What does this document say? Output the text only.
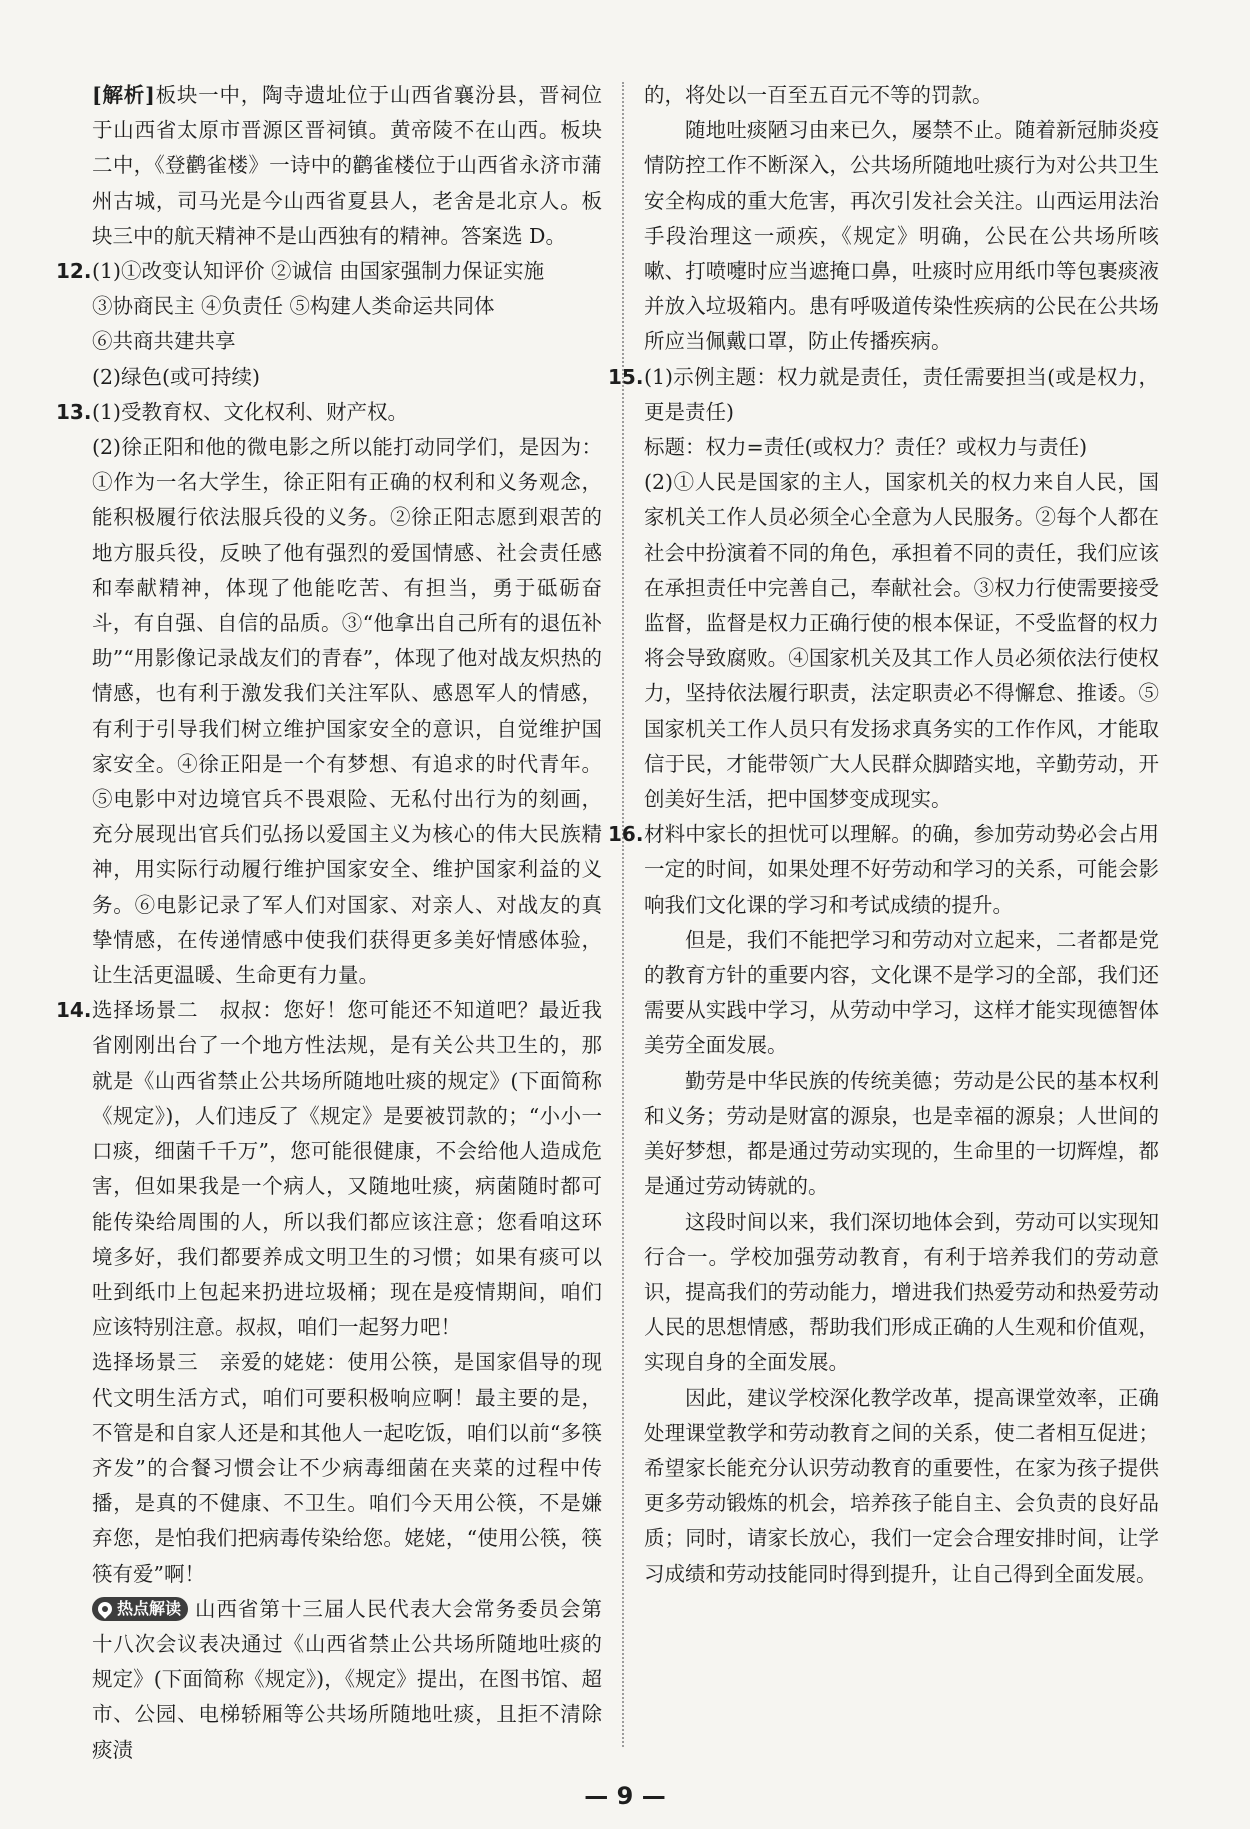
[解析]板块一中，陶寺遗址位于山西省襄汾县，晋祠位于山西省太原市晋源区晋祠镇。黄帝陵不在山西。板块二中，《登鹳雀楼》一诗中的鹳雀楼位于山西省永济市蒲州古城，司马光是今山西省夏县人，老舍是北京人。板块三中的航天精神不是山西独有的精神。答案选 D。

12. (1)①改变认知评价 ②诚信 由国家强制力保证实施

③协商民主 ④负责任 ⑤构建人类命运共同体

⑥共商共建共享

(2)绿色(或可持续)

13. (1)受教育权、文化权利、财产权。

(2)徐正阳和他的微电影之所以能打动同学们，是因为：①作为一名大学生，徐正阳有正确的权利和义务观念，能积极履行依法服兵役的义务。②徐正阳志愿到艰苦的地方服兵役，反映了他有强烈的爱国情感、社会责任感和奉献精神，体现了他能吃苦、有担当，勇于砥砺奋斗，有自强、自信的品质。③“他拿出自己所有的退伍补助”“用影像记录战友们的青春”，体现了他对战友炽热的情感，也有利于激发我们关注军队、感恩军人的情感，有利于引导我们树立维护国家安全的意识，自觉维护国家安全。④徐正阳是一个有梦想、有追求的时代青年。⑤电影中对边境官兵不畏艰险、无私付出行为的刻画，充分展现出官兵们弘扬以爱国主义为核心的伟大民族精神，用实际行动履行维护国家安全、维护国家利益的义务。⑥电影记录了军人们对国家、对亲人、对战友的真挚情感，在传递情感中使我们获得更多美好情感体验，让生活更温暖、生命更有力量。

14. 选择场景二　叔叔：您好！您可能还不知道吧？最近我省刚刚出台了一个地方性法规，是有关公共卫生的，那就是《山西省禁止公共场所随地吐痰的规定》(下面简称《规定》)，人们违反了《规定》是要被罚款的；“小小一口痰，细菌千千万”，您可能很健康，不会给他人造成危害，但如果我是一个病人，又随地吐痰，病菌随时都可能传染给周围的人，所以我们都应该注意；您看咱这环境多好，我们都要养成文明卫生的习惯；如果有痰可以吐到纸巾上包起来扔进垃圾桶；现在是疫情期间，咱们应该特别注意。叔叔，咱们一起努力吧！

选择场景三　亲爱的姥姥：使用公筷，是国家倡导的现代文明生活方式，咱们可要积极响应啊！最主要的是，不管是和自家人还是和其他人一起吃饭，咱们以前“多筷齐发”的合餐习惯会让不少病毒细菌在夹菜的过程中传播，是真的不健康、不卫生。咱们今天用公筷，不是嫌弃您，是怕我们把病毒传染给您。姥姥，“使用公筷，筷筷有爱”啊！

热点解读 山西省第十三届人民代表大会常务委员会第十八次会议表决通过《山西省禁止公共场所随地吐痰的规定》(下面简称《规定》)，《规定》提出，在图书馆、超市、公园、电梯轿厢等公共场所随地吐痰，且拒不清除痰渍

的，将处以一百至五百元不等的罚款。

随地吐痰陋习由来已久，屡禁不止。随着新冠肺炎疫情防控工作不断深入，公共场所随地吐痰行为对公共卫生安全构成的重大危害，再次引发社会关注。山西运用法治手段治理这一顽疾，《规定》明确，公民在公共场所咳嗽、打喷嚏时应当遮掩口鼻，吐痰时应用纸巾等包裹痰液并放入垃圾箱内。患有呼吸道传染性疾病的公民在公共场所应当佩戴口罩，防止传播疾病。

15. (1)示例主题：权力就是责任，责任需要担当(或是权力，更是责任)

标题：权力=责任(或权力？责任？或权力与责任)

(2)①人民是国家的主人，国家机关的权力来自人民，国家机关工作人员必须全心全意为人民服务。②每个人都在社会中扮演着不同的角色，承担着不同的责任，我们应该在承担责任中完善自己，奉献社会。③权力行使需要接受监督，监督是权力正确行使的根本保证，不受监督的权力将会导致腐败。④国家机关及其工作人员必须依法行使权力，坚持依法履行职责，法定职责必不得懈怠、推诿。⑤国家机关工作人员只有发扬求真务实的工作作风，才能取信于民，才能带领广大人民群众脚踏实地，辛勤劳动，开创美好生活，把中国梦变成现实。

16. 材料中家长的担忧可以理解。的确，参加劳动势必会占用一定的时间，如果处理不好劳动和学习的关系，可能会影响我们文化课的学习和考试成绩的提升。

但是，我们不能把学习和劳动对立起来，二者都是党的教育方针的重要内容，文化课不是学习的全部，我们还需要从实践中学习，从劳动中学习，这样才能实现德智体美劳全面发展。

勤劳是中华民族的传统美德；劳动是公民的基本权利和义务；劳动是财富的源泉，也是幸福的源泉；人世间的美好梦想，都是通过劳动实现的，生命里的一切辉煌，都是通过劳动铸就的。

这段时间以来，我们深切地体会到，劳动可以实现知行合一。学校加强劳动教育，有利于培养我们的劳动意识，提高我们的劳动能力，增进我们热爱劳动和热爱劳动人民的思想情感，帮助我们形成正确的人生观和价值观，实现自身的全面发展。

因此，建议学校深化教学改革，提高课堂效率，正确处理课堂教学和劳动教育之间的关系，使二者相互促进；希望家长能充分认识劳动教育的重要性，在家为孩子提供更多劳动锻炼的机会，培养孩子能自主、会负责的良好品质；同时，请家长放心，我们一定会合理安排时间，让学习成绩和劳动技能同时得到提升，让自己得到全面发展。

— 9 —
